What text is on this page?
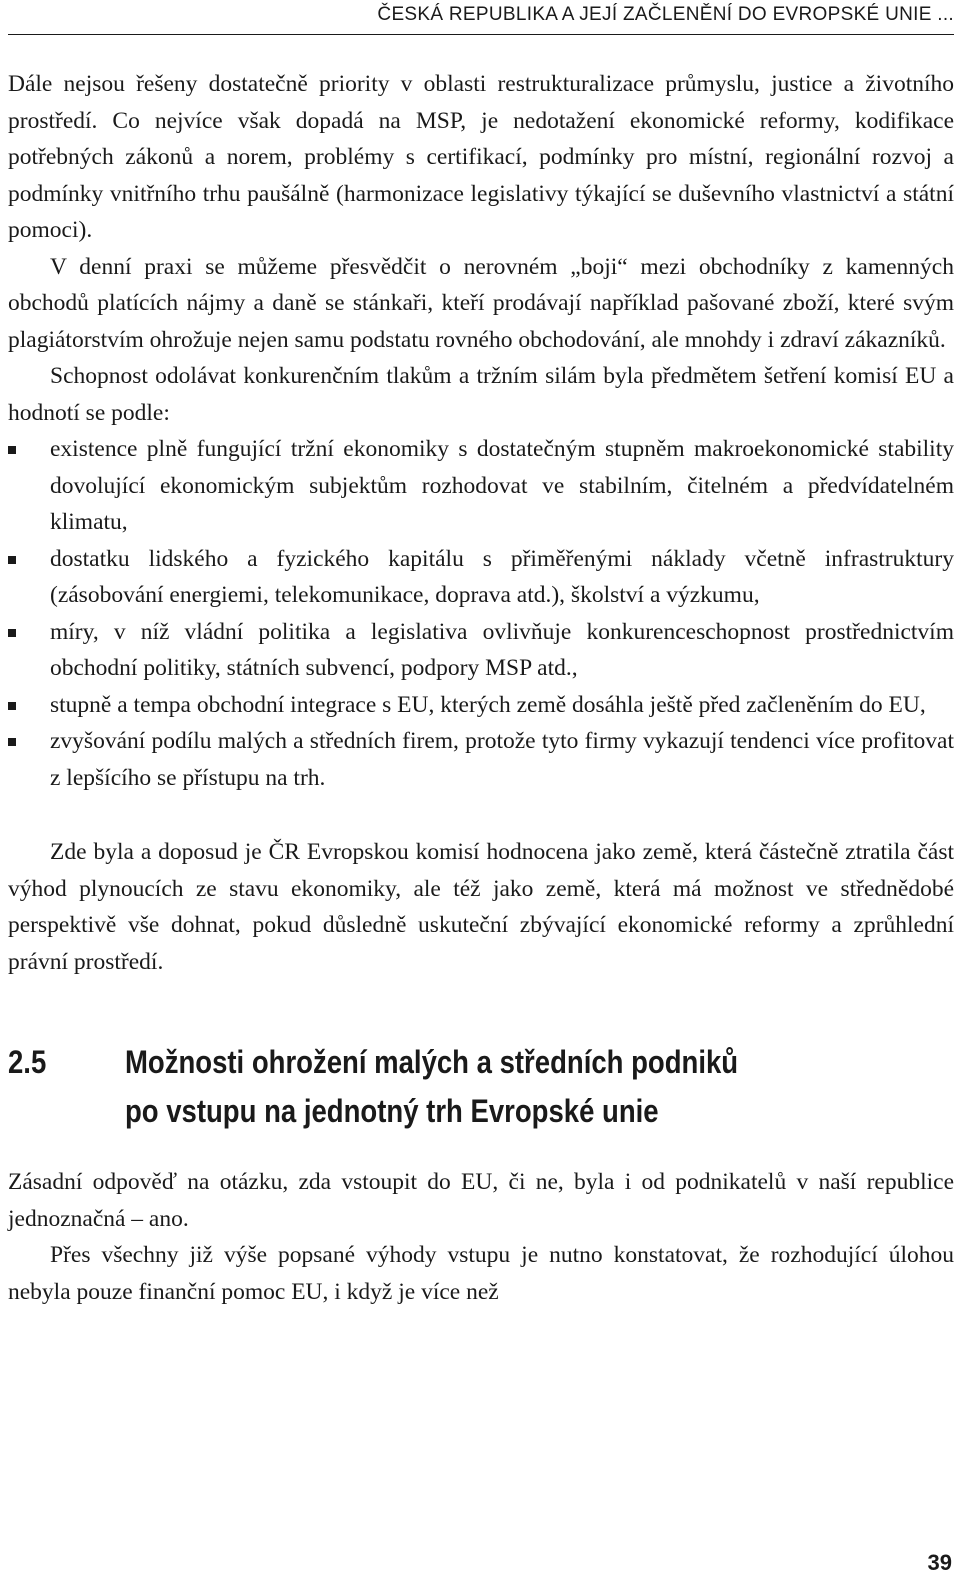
ČESKÁ REPUBLIKA A JEJÍ ZAČLENĚNÍ DO EVROPSKÉ UNIE ...

Dále nejsou řešeny dostatečně priority v oblasti restrukturalizace průmyslu, justice a životního prostředí. Co nejvíce však dopadá na MSP, je nedotažení ekonomické reformy, kodifikace potřebných zákonů a norem, problémy s certifikací, podmínky pro místní, regionální rozvoj a podmínky vnitřního trhu paušálně (harmonizace legislativy týkající se duševního vlastnictví a státní pomoci).

V denní praxi se můžeme přesvědčit o nerovném „boji“ mezi obchodníky z kamenných obchodů platících nájmy a daně se stánkaři, kteří prodávají například pašované zboží, které svým plagiátorstvím ohrožuje nejen samu podstatu rovného obchodování, ale mnohdy i zdraví zákazníků.

Schopnost odolávat konkurenčním tlakům a tržním silám byla předmětem šetření komisí EU a hodnotí se podle:

existence plně fungující tržní ekonomiky s dostatečným stupněm makroekonomické stability dovolující ekonomickým subjektům rozhodovat ve stabilním, čitelném a předvídatelném klimatu,
dostatku lidského a fyzického kapitálu s přiměřenými náklady včetně infrastruktury (zásobování energiemi, telekomunikace, doprava atd.), školství a výzkumu,
míry, v níž vládní politika a legislativa ovlivňuje konkurenceschopnost prostřednictvím obchodní politiky, státních subvencí, podpory MSP atd.,
stupně a tempa obchodní integrace s EU, kterých země dosáhla ještě před začleněním do EU,
zvyšování podílu malých a středních firem, protože tyto firmy vykazují tendenci více profitovat z lepšícího se přístupu na trh.

Zde byla a doposud je ČR Evropskou komisí hodnocena jako země, která částečně ztratila část výhod plynoucích ze stavu ekonomiky, ale též jako země, která má možnost ve střednědobé perspektivě vše dohnat, pokud důsledně uskuteční zbývající ekonomické reformy a zprůhlední právní prostředí.

2.5	Možnosti ohrožení malých a středních podniků
po vstupu na jednotný trh Evropské unie

Zásadní odpověď na otázku, zda vstoupit do EU, či ne, byla i od podnikatelů v naší republice jednoznačná – ano.

Přes všechny již výše popsané výhody vstupu je nutno konstatovat, že rozhodující úlohou nebyla pouze finanční pomoc EU, i když je více než

39
